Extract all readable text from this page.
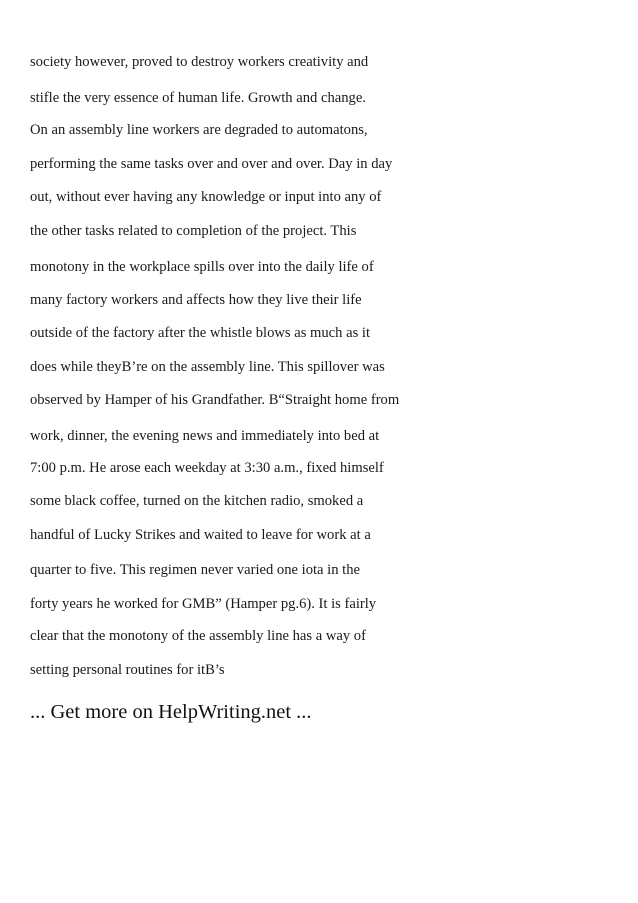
society however, proved to destroy workers creativity and

stifle the very essence of human life. Growth and change.

On an assembly line workers are degraded to automatons,

performing the same tasks over and over and over. Day in day

out, without ever having any knowledge or input into any of

the other tasks related to completion of the project. This

monotony in the workplace spills over into the daily life of

many factory workers and affects how they live their life

outside of the factory after the whistle blows as much as it

does while theyB’re on the assembly line. This spillover was

observed by Hamper of his Grandfather. B“Straight home from

work, dinner, the evening news and immediately into bed at

7:00 p.m. He arose each weekday at 3:30 a.m., fixed himself

some black coffee, turned on the kitchen radio, smoked a

handful of Lucky Strikes and waited to leave for work at a

quarter to five. This regimen never varied one iota in the

forty years he worked for GMB” (Hamper pg.6). It is fairly

clear that the monotony of the assembly line has a way of

setting personal routines for itB’s

... Get more on HelpWriting.net ...
